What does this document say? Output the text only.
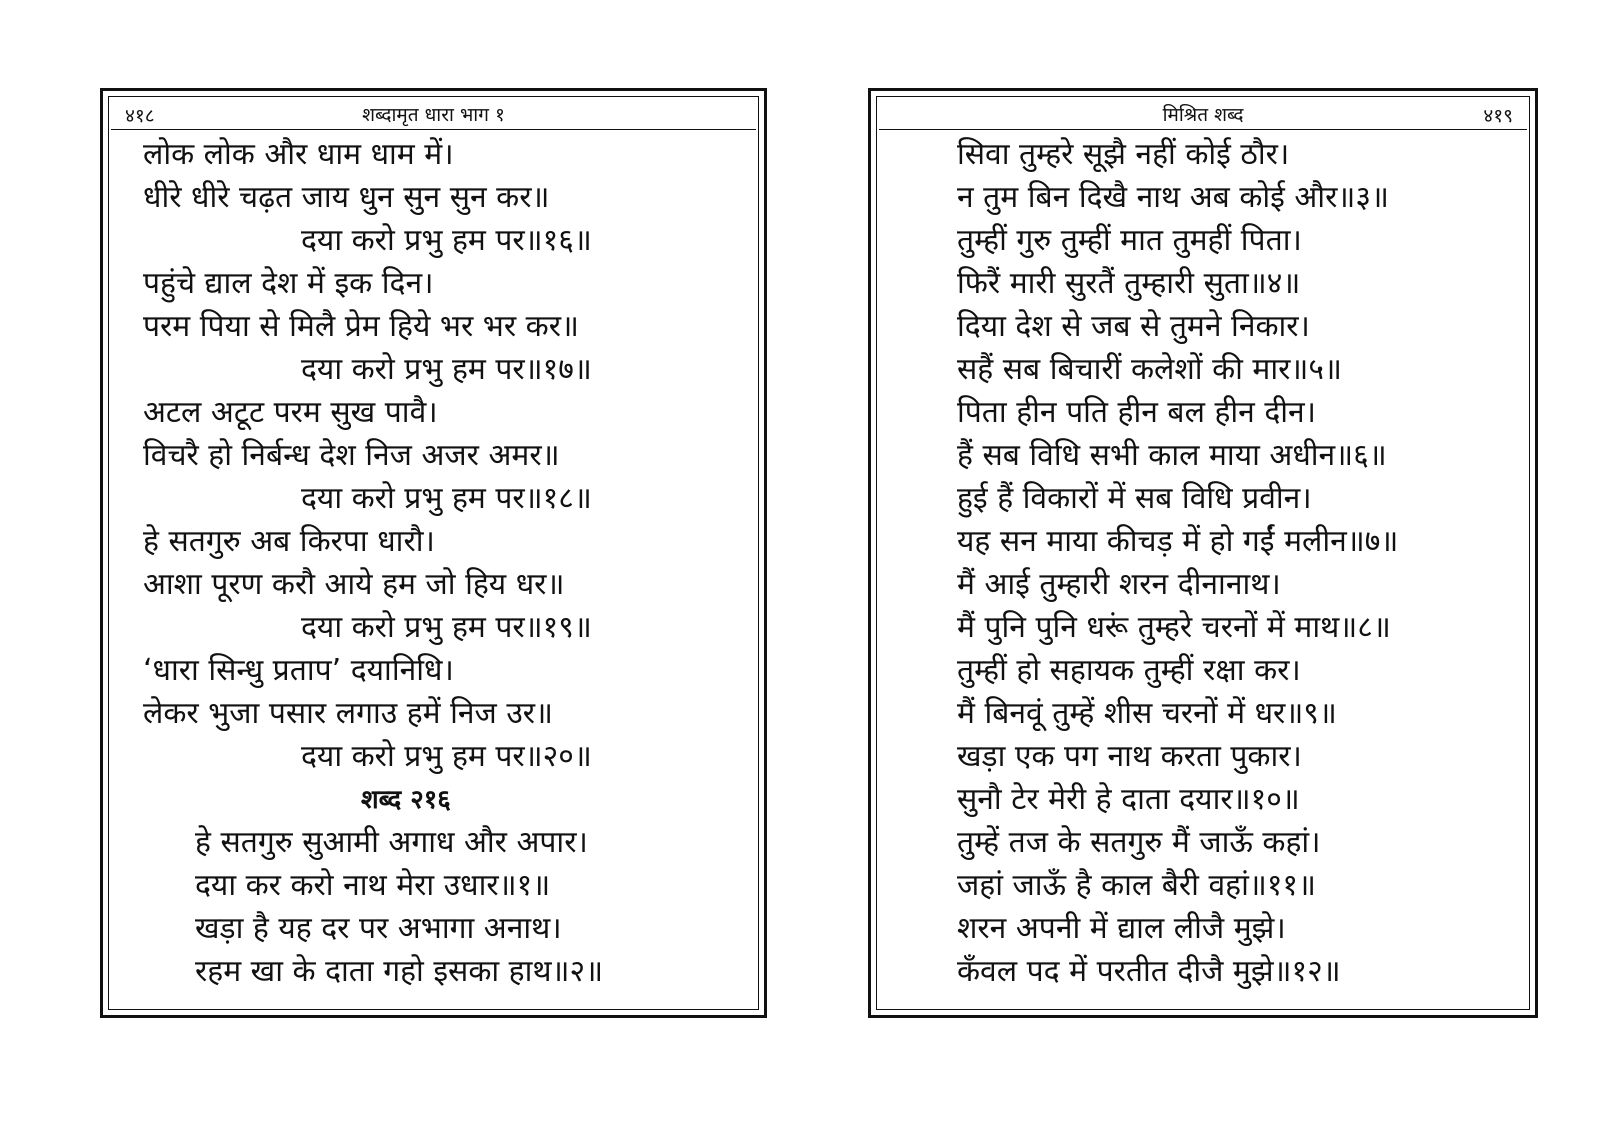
४१८	शब्दामृत धारा भाग १
लोक लोक और धाम धाम में।
धीरे धीरे चढ़त जाय धुन सुन सुन कर॥
दया करो प्रभु हम पर॥१६॥
पहुंचे द्याल देश में इक दिन।
परम पिया से मिलै प्रेम हिये भर भर कर॥
दया करो प्रभु हम पर॥१७॥
अटल अटूट परम सुख पावै।
विचरै हो निर्बन्ध देश निज अजर अमर॥
दया करो प्रभु हम पर॥१८॥
हे सतगुरु अब किरपा धारौ।
आशा पूरण करौ आये हम जो हिय धर॥
दया करो प्रभु हम पर॥१९॥
‘धारा सिन्धु प्रताप’ दयानिधि।
लेकर भुजा पसार लगाउ हमें निज उर॥
दया करो प्रभु हम पर॥२०॥
शब्द २१६
हे सतगुरु सुआमी अगाध और अपार।
दया कर करो नाथ मेरा उधार॥१॥
खड़ा है यह दर पर अभागा अनाथ।
रहम खा के दाता गहो इसका हाथ॥२॥
मिश्रित शब्द	४१९
सिवा तुम्हरे सूझै नहीं कोई ठौर।
न तुम बिन दिखै नाथ अब कोई और॥३॥
तुम्हीं गुरु तुम्हीं मात तुमहीं पिता।
फिरैं मारी सुरतैं तुम्हारी सुता॥४॥
दिया देश से जब से तुमने निकार।
सहैं सब बिचारीं कलेशों की मार॥५॥
पिता हीन पति हीन बल हीन दीन।
हैं सब विधि सभी काल माया अधीन॥६॥
हुई हैं विकारों में सब विधि प्रवीन।
यह सन माया कीचड़ में हो गईं मलीन॥७॥
मैं आई तुम्हारी शरन दीनानाथ।
मैं पुनि पुनि धरूं तुम्हरे चरनों में माथ॥८॥
तुम्हीं हो सहायक तुम्हीं रक्षा कर।
मैं बिनवूं तुम्हें शीस चरनों में धर॥९॥
खड़ा एक पग नाथ करता पुकार।
सुनौ टेर मेरी हे दाता दयार॥१०॥
तुम्हें तज के सतगुरु मैं जाऊँ कहां।
जहां जाऊँ है काल बैरी वहां॥११॥
शरन अपनी में द्याल लीजै मुझे।
कँवल पद में परतीत दीजै मुझे॥१२॥
